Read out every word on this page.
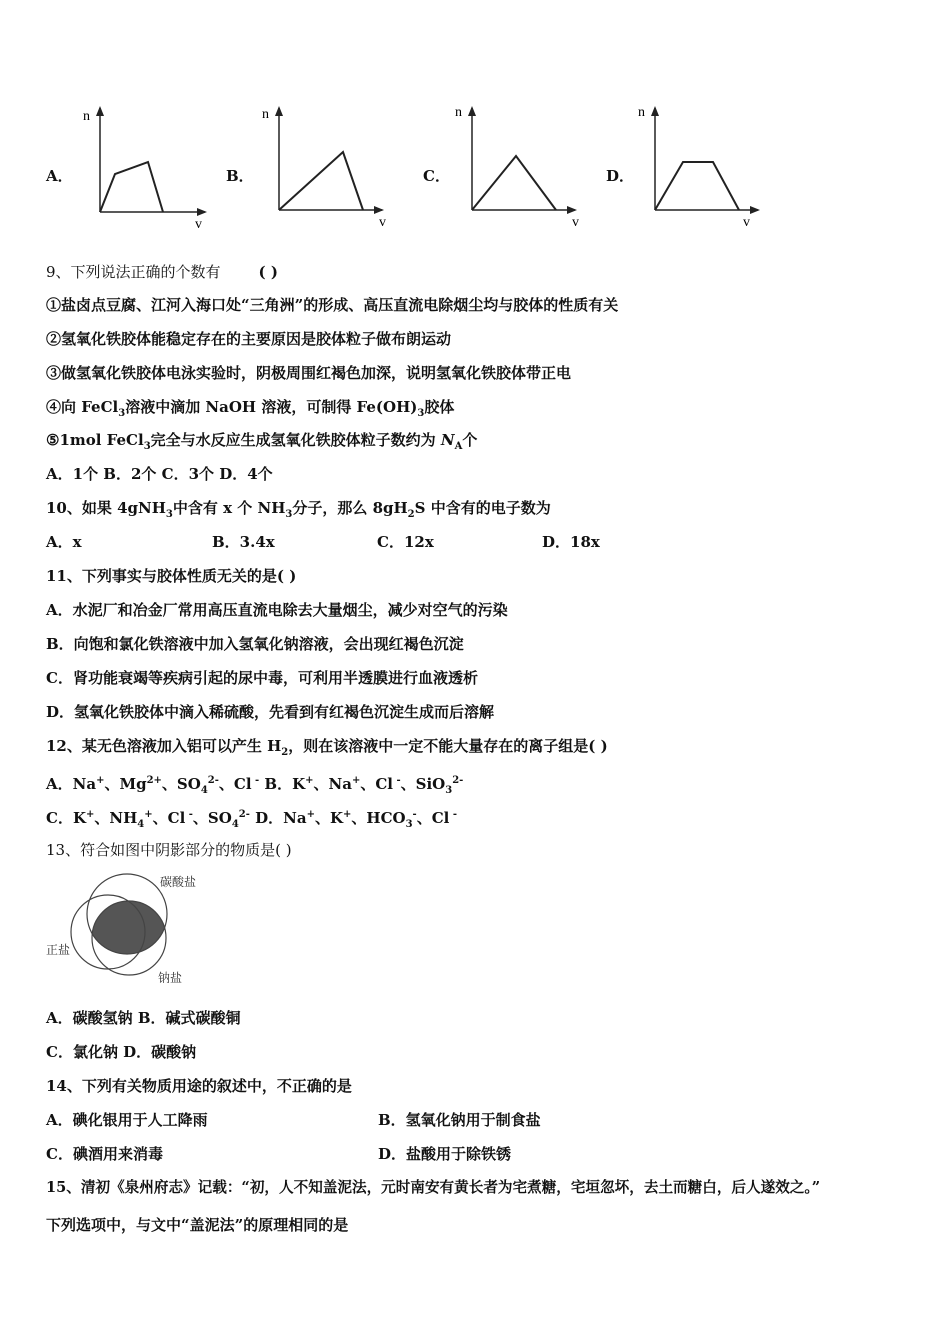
A．
n
v
B．
n
v
C．
n
v
D．
n
v
9、下列说法正确的个数有	( )
①盐卤点豆腐、江河入海口处“三角洲”的形成、高压直流电除烟尘均与胶体的性质有关
②氢氧化铁胶体能稳定存在的主要原因是胶体粒子做布朗运动
③做氢氧化铁胶体电泳实验时，阴极周围红褐色加深，说明氢氧化铁胶体带正电
④向 FeCl$_3$溶液中滴加 NaOH 溶液，可制得 $Fe(OH)_3$胶体
⑤1mol FeCl$_3$完全与水反应生成氢氧化铁胶体粒子数约为 $N_A$个
A．1个 B．2个 C．3个 D．4个
10、如果 4gNH$_3$中含有 x 个 $NH_3$分子，那么 $8gH_2S$ 中含有的电子数为
A．x	B．3.4x	C．12x	D．18x
11、下列事实与胶体性质无关的是( )
A．水泥厂和冶金厂常用高压直流电除去大量烟尘，减少对空气的污染
B．向饱和氯化铁溶液中加入氢氧化钠溶液，会出现红褐色沉淀
C．肾功能衰竭等疾病引起的尿中毒，可利用半透膜进行血液透析
D．氢氧化铁胶体中滴入稀硫酸，先看到有红褐色沉淀生成而后溶解
12、某无色溶液加入铝可以产生 $H_2$，则在该溶液中一定不能大量存在的离子组是( )
A．Na+、$Mg^{2+}$、$SO_4^{2-}$、Cl - B．K+、Na+、Cl -、SiO$_3^{2-}$
C．K+、$NH_4^+$、Cl -、$SO_4^{2-}$ D．Na+、K+、$HCO_3^-$、Cl -
13、符合如图中阴影部分的物质是( )
碳酸盐
正盐
钠盐
A．碳酸氢钠 B．碱式碳酸铜
C．氯化钠 D．碳酸钠
14、下列有关物质用途的叙述中，不正确的是
A．碘化银用于人工降雨	B．氢氧化钠用于制食盐
C．碘酒用来消毒	D．盐酸用于除铁锈
15、清初《泉州府志》记载：“初，人不知盖泥法，元时南安有黄长者为宅煮糖，宅垣忽坏，去土而糖白，后人遂效之。”
下列选项中，与文中“盖泥法”的原理相同的是
